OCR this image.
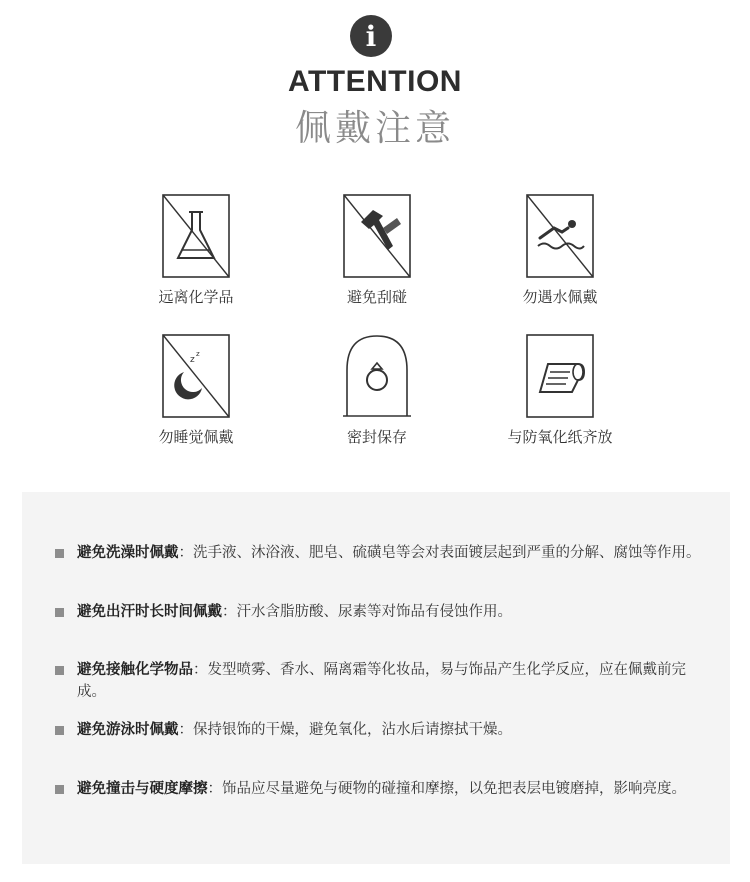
i
ATTENTION
佩戴注意
远离化学品	避免刮碰	勿遇水佩戴
z
z
勿睡觉佩戴	密封保存	与防氧化纸齐放
避免洗澡时佩戴：洗手液、沐浴液、肥皂、硫磺皂等会对表面镀层起到严重的分解、腐蚀等作用。
避免出汗时长时间佩戴：汗水含脂肪酸、尿素等对饰品有侵蚀作用。
避免接触化学物品：发型喷雾、香水、隔离霜等化妆品，易与饰品产生化学反应，应在佩戴前完成。
避免游泳时佩戴：保持银饰的干燥，避免氧化，沾水后请擦拭干燥。
避免撞击与硬度摩擦：饰品应尽量避免与硬物的碰撞和摩擦，以免把表层电镀磨掉，影响亮度。
